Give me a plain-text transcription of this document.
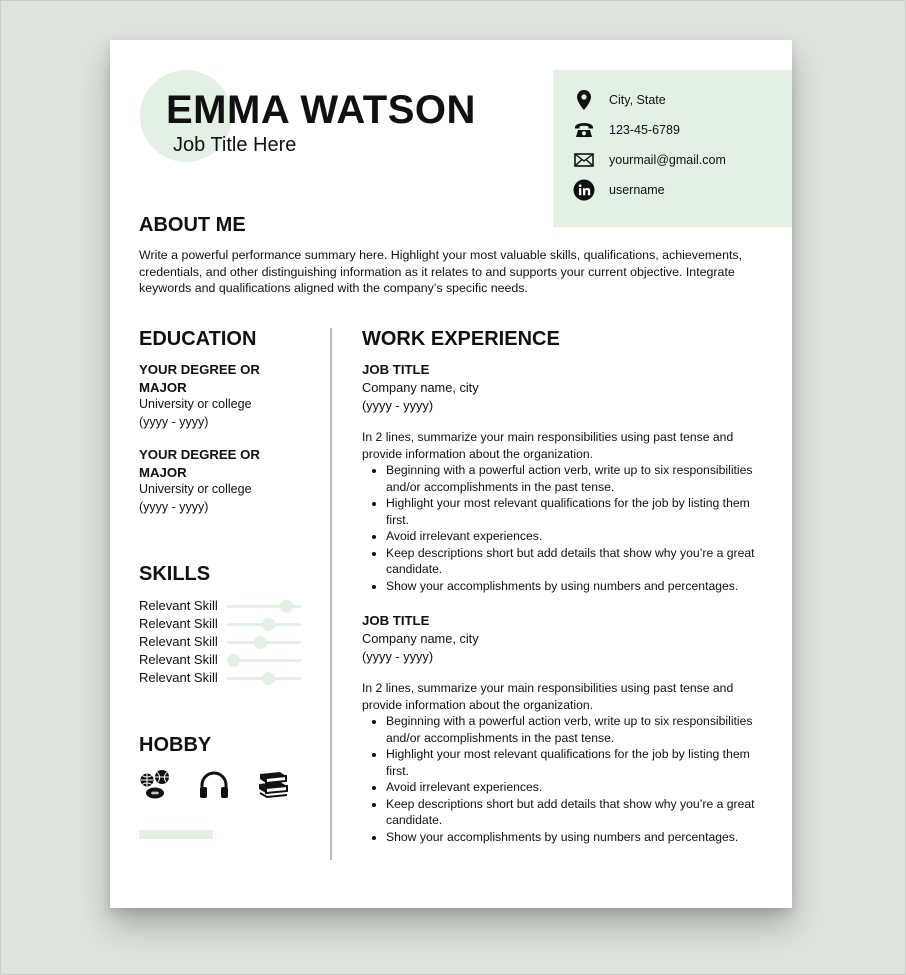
EMMA WATSON
Job Title Here
City, State
123-45-6789
yourmail@gmail.com
username
ABOUT ME

Write a powerful performance summary here. Highlight your most valuable skills, qualifications, achievements, credentials, and other distinguishing information as it relates to and supports your current objective. Integrate keywords and qualifications aligned with the company’s specific needs.

EDUCATION
YOUR DEGREE OR MAJOR
University or college
(yyyy - yyyy)
YOUR DEGREE OR MAJOR
University or college
(yyyy - yyyy)
SKILLS
Relevant Skill
Relevant Skill
Relevant Skill
Relevant Skill
Relevant Skill
HOBBY
WORK EXPERIENCE
JOB TITLE
Company name, city
(yyyy - yyyy)
In 2 lines, summarize your main responsibilities using past tense and provide information about the organization.
• Beginning with a powerful action verb, write up to six responsibilities and/or accomplishments in the past tense.
• Highlight your most relevant qualifications for the job by listing them first.
• Avoid irrelevant experiences.
• Keep descriptions short but add details that show why you’re a great candidate.
• Show your accomplishments by using numbers and percentages.
JOB TITLE
Company name, city
(yyyy - yyyy)
In 2 lines, summarize your main responsibilities using past tense and provide information about the organization.
• Beginning with a powerful action verb, write up to six responsibilities and/or accomplishments in the past tense.
• Highlight your most relevant qualifications for the job by listing them first.
• Avoid irrelevant experiences.
• Keep descriptions short but add details that show why you’re a great candidate.
• Show your accomplishments by using numbers and percentages.
